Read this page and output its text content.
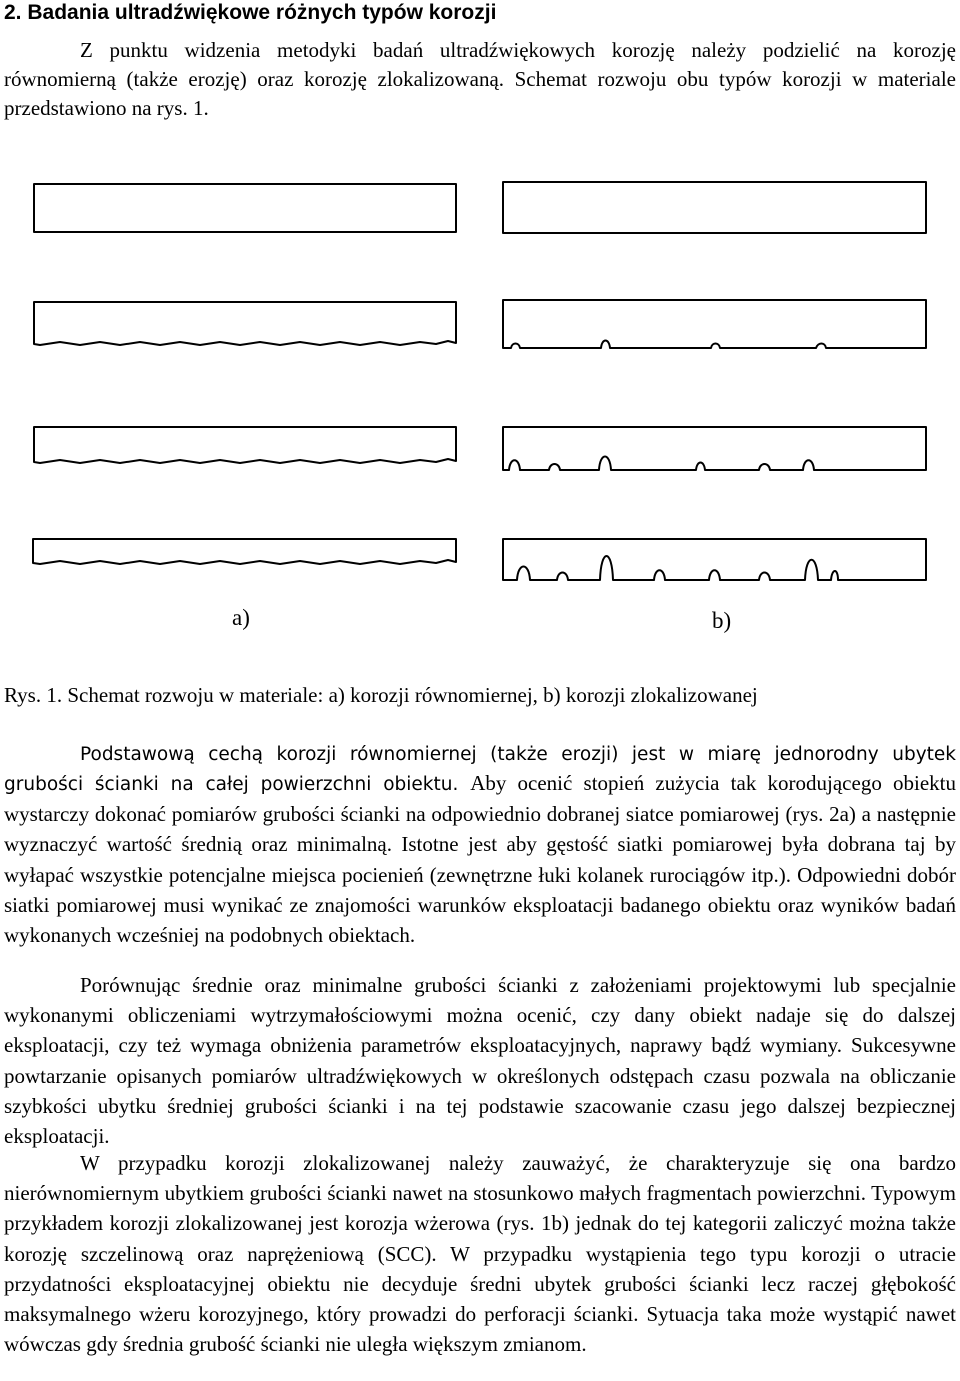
2. Badania ultradźwiękowe różnych typów korozji

Z punktu widzenia metodyki badań ultradźwiękowych korozję należy podzielić na korozję równomierną (także erozję) oraz korozję zlokalizowaną. Schemat rozwoju obu typów korozji w materiale przedstawiono na rys. 1.

a)	b)
Rys. 1. Schemat rozwoju w materiale: a) korozji równomiernej, b) korozji zlokalizowanej

Podstawową cechą korozji równomiernej (także erozji) jest w miarę jednorodny ubytek grubości ścianki na całej powierzchni obiektu. Aby ocenić stopień zużycia tak korodującego obiektu wystarczy dokonać pomiarów grubości ścianki na odpowiednio dobranej siatce pomiarowej (rys. 2a) a następnie wyznaczyć wartość średnią oraz minimalną. Istotne jest aby gęstość siatki pomiarowej była dobrana taj by wyłapać wszystkie potencjalne miejsca pocienień (zewnętrzne łuki kolanek rurociągów itp.). Odpowiedni dobór siatki pomiarowej musi wynikać ze znajomości warunków eksploatacji badanego obiektu oraz wyników badań wykonanych wcześniej na podobnych obiektach.

Porównując średnie oraz minimalne grubości ścianki z założeniami projektowymi lub specjalnie wykonanymi obliczeniami wytrzymałościowymi można ocenić, czy dany obiekt nadaje się do dalszej eksploatacji, czy też wymaga obniżenia parametrów eksploatacyjnych, naprawy bądź wymiany. Sukcesywne powtarzanie opisanych pomiarów ultradźwiękowych w określonych odstępach czasu pozwala na obliczanie szybkości ubytku średniej grubości ścianki i na tej podstawie szacowanie czasu jego dalszej bezpiecznej eksploatacji.

W przypadku korozji zlokalizowanej należy zauważyć, że charakteryzuje się ona bardzo nierównomiernym ubytkiem grubości ścianki nawet na stosunkowo małych fragmentach powierzchni. Typowym przykładem korozji zlokalizowanej jest korozja wżerowa (rys. 1b) jednak do tej kategorii zaliczyć można także korozję szczelinową oraz naprężeniową (SCC). W przypadku wystąpienia tego typu korozji o utracie przydatności eksploatacyjnej obiektu nie decyduje średni ubytek grubości ścianki lecz raczej głębokość maksymalnego wżeru korozyjnego, który prowadzi do perforacji ścianki. Sytuacja taka może wystąpić nawet wówczas gdy średnia grubość ścianki nie uległa większym zmianom.
